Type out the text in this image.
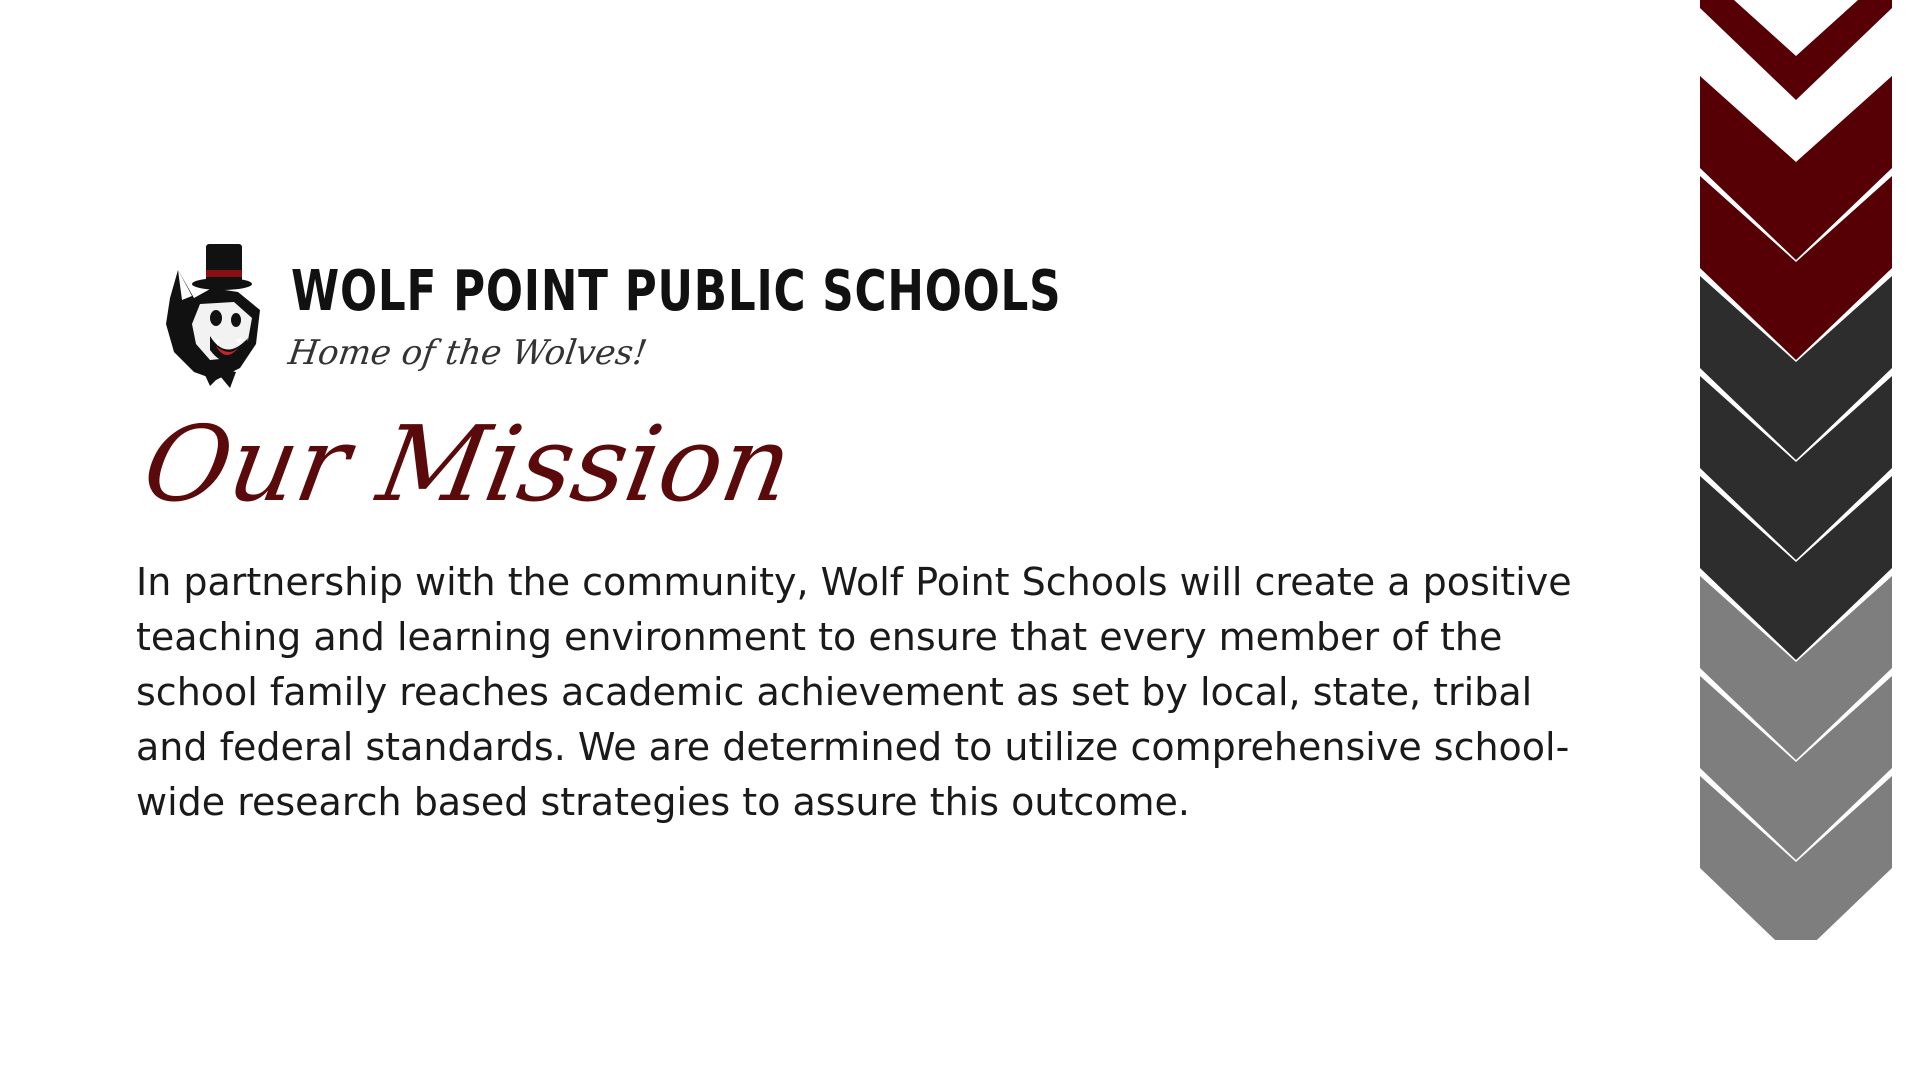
WOLF POINT PUBLIC SCHOOLS
Home of the Wolves!
Our Mission

In partnership with the community, Wolf Point Schools will create a positive teaching and learning environment to ensure that every member of the school family reaches academic achievement as set by local, state, tribal and federal standards. We are determined to utilize comprehensive school-wide research based strategies to assure this outcome.
